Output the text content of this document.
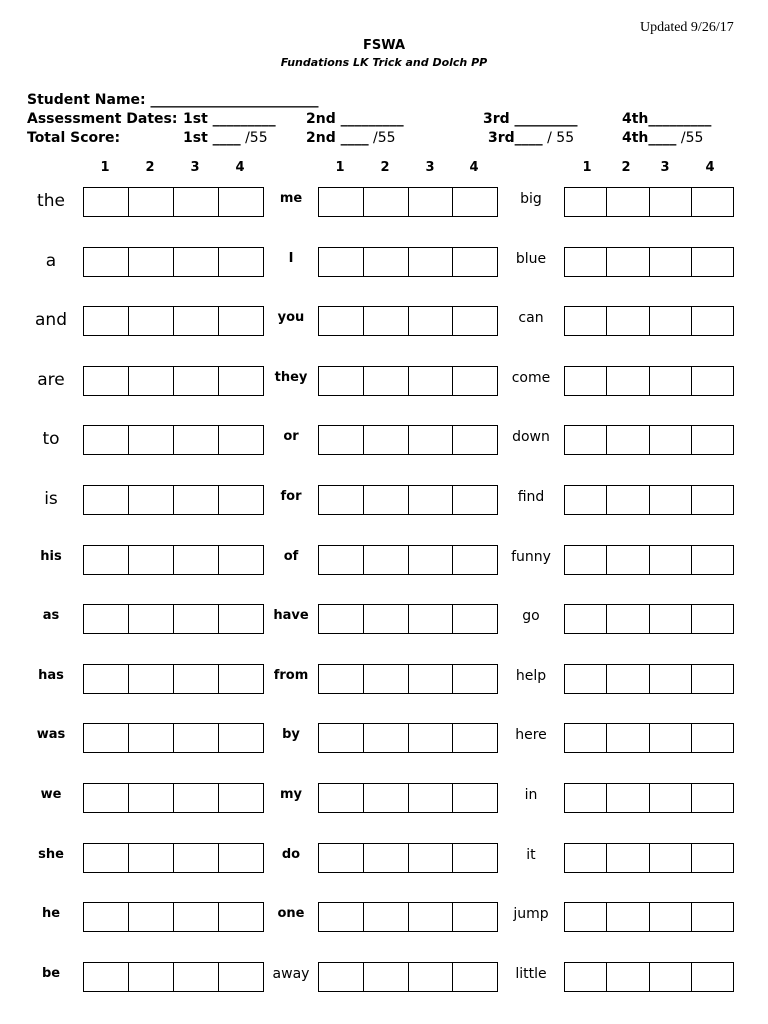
Updated 9/26/17
FSWA
Fundations LK Trick and Dolch PP
Student Name: ________________________
Assessment Dates: 1st _________ 2nd _________	3rd _________	4th_________
Total Score:	1st ____ /55	2nd ____ /55	3rd____ / 55	4th____ /55
1	2	3	4	1	2	3	4	1	2	3	4
the	me	big
a	I	blue
and	you	can
are	they	come
to	or	down
is	for	find
his	of	funny
as	have	go
has	from	help
was	by	here
we	my	in
she	do	it
he	one	jump
be	away	little
